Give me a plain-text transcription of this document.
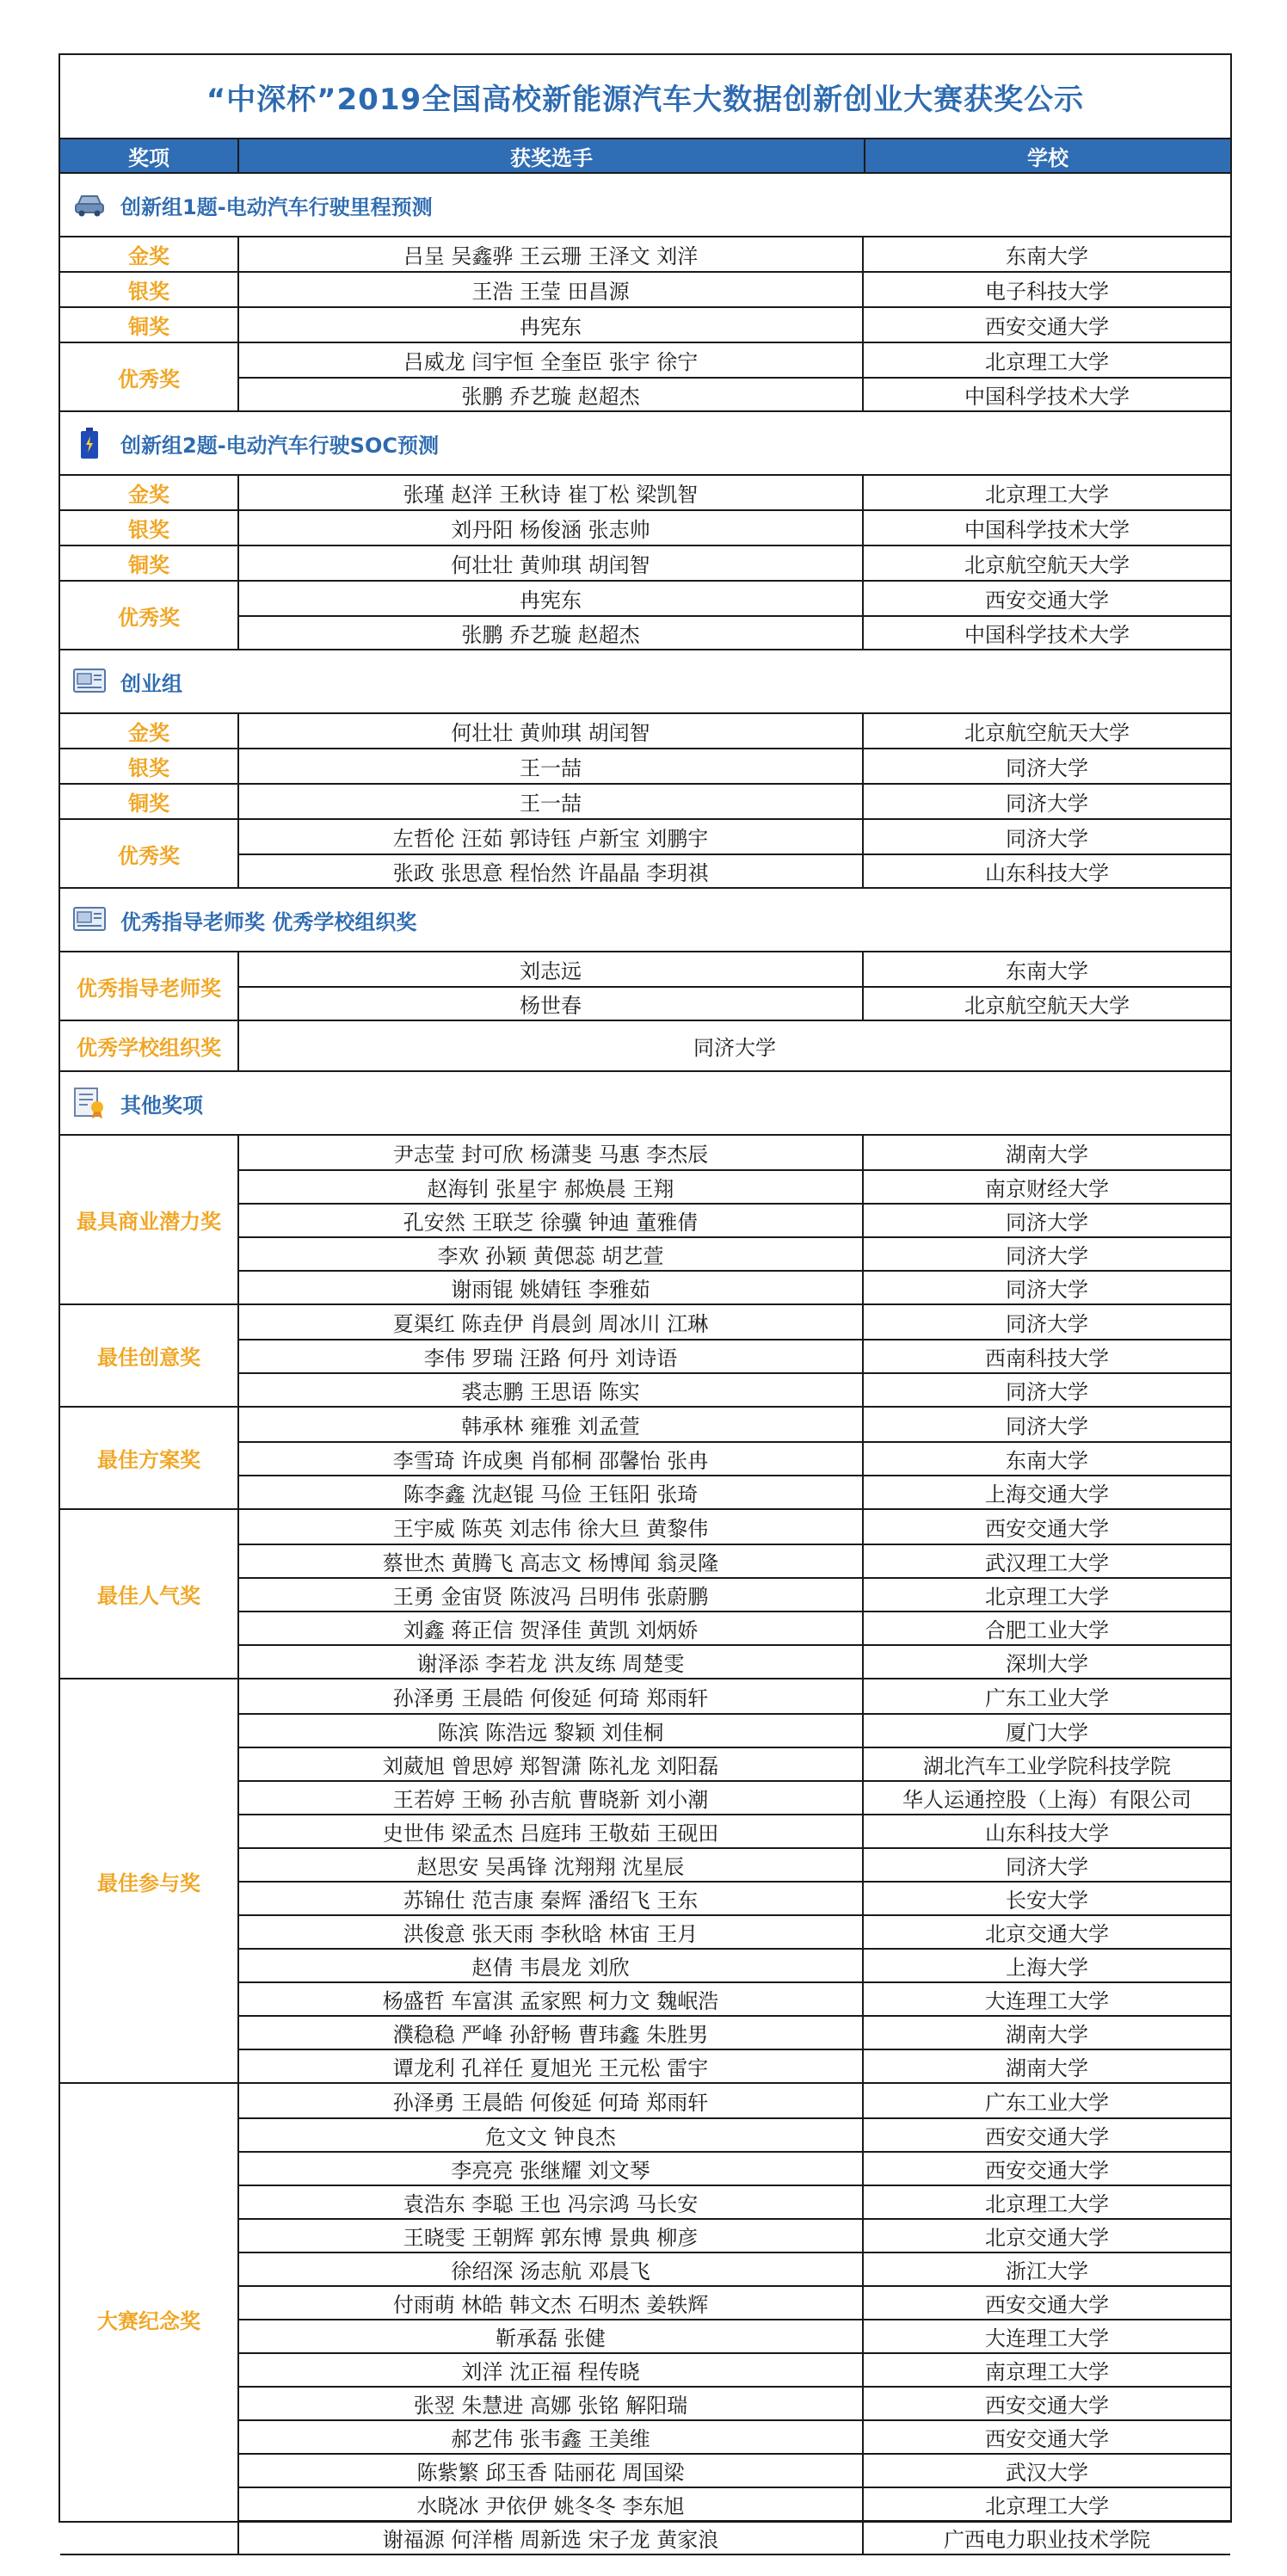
“中深杯”2019全国高校新能源汽车大数据创新创业大赛获奖公示
奖项	获奖选手	学校
创新组1题-电动汽车行驶里程预测
金奖	吕呈 吴鑫骅 王云珊 王泽文 刘洋	东南大学
银奖	王浩 王莹 田昌源	电子科技大学
铜奖	冉宪东	西安交通大学
优秀奖
吕威龙 闫宇恒 全奎臣 张宇 徐宁	北京理工大学
张鹏 乔艺璇 赵超杰	中国科学技术大学
创新组2题-电动汽车行驶SOC预测
金奖	张瑾 赵洋 王秋诗 崔丁松 梁凯智	北京理工大学
银奖	刘丹阳 杨俊涵 张志帅	中国科学技术大学
铜奖	何壮壮 黄帅琪 胡闰智	北京航空航天大学
优秀奖
冉宪东	西安交通大学
张鹏 乔艺璇 赵超杰	中国科学技术大学
创业组
金奖	何壮壮 黄帅琪 胡闰智	北京航空航天大学
银奖	王一喆	同济大学
铜奖	王一喆	同济大学
优秀奖
左哲伦 汪茹 郭诗钰 卢新宝 刘鹏宇	同济大学
张政 张思意 程怡然 许晶晶 李玥祺	山东科技大学
优秀指导老师奖 优秀学校组织奖
优秀指导老师奖
刘志远	东南大学
杨世春	北京航空航天大学
优秀学校组织奖	同济大学
其他奖项
最具商业潜力奖
尹志莹 封可欣 杨潇斐 马惠 李杰辰	湖南大学
赵海钊 张星宇 郝焕晨 王翔	南京财经大学
孔安然 王联芝 徐骥 钟迪 董雅倩	同济大学
李欢 孙颖 黄偲蕊 胡艺萱	同济大学
谢雨锟 姚婧钰 李雅茹	同济大学
最佳创意奖
夏渠红 陈垚伊 肖晨剑 周冰川 江琳	同济大学
李伟 罗瑞 汪路 何丹 刘诗语	西南科技大学
裘志鹏 王思语 陈实	同济大学
最佳方案奖
韩承林 雍雅 刘孟萱	同济大学
李雪琦 许成奥 肖郁桐 邵馨怡 张冉	东南大学
陈李鑫 沈赵锟 马俭 王钰阳 张琦	上海交通大学
最佳人气奖
王宇威 陈英 刘志伟 徐大旦 黄黎伟	西安交通大学
蔡世杰 黄腾飞 高志文 杨博闻 翁灵隆	武汉理工大学
王勇 金宙贤 陈波冯 吕明伟 张蔚鹏	北京理工大学
刘鑫 蒋正信 贺泽佳 黄凯 刘炳娇	合肥工业大学
谢泽添 李若龙 洪友练 周楚雯	深圳大学
最佳参与奖
孙泽勇 王晨皓 何俊延 何琦 郑雨轩	广东工业大学
陈滨 陈浩远 黎颖 刘佳桐	厦门大学
刘葳旭 曾思婷 郑智潇 陈礼龙 刘阳磊	湖北汽车工业学院科技学院
王若婷 王畅 孙吉航 曹晓新 刘小潮	华人运通控股（上海）有限公司
史世伟 梁孟杰 吕庭玮 王敬茹 王砚田	山东科技大学
赵思安 吴禹锋 沈翔翔 沈星辰	同济大学
苏锦仕 范吉康 秦辉 潘绍飞 王东	长安大学
洪俊意 张天雨 李秋晗 林宙 王月	北京交通大学
赵倩 韦晨龙 刘欣	上海大学
杨盛哲 车富淇 孟家熙 柯力文 魏岷浩	大连理工大学
濮稳稳 严峰 孙舒畅 曹玮鑫 朱胜男	湖南大学
谭龙利 孔祥任 夏旭光 王元松 雷宇	湖南大学
大赛纪念奖
孙泽勇 王晨皓 何俊延 何琦 郑雨轩	广东工业大学
危文文 钟良杰	西安交通大学
李亮亮 张继耀 刘文琴	西安交通大学
袁浩东 李聪 王也 冯宗鸿 马长安	北京理工大学
王晓雯 王朝辉 郭东博 景典 柳彦	北京交通大学
徐绍深 汤志航 邓晨飞	浙江大学
付雨萌 林皓 韩文杰 石明杰 姜轶辉	西安交通大学
靳承磊 张健	大连理工大学
刘洋 沈正福 程传晓	南京理工大学
张翌 朱慧进 高娜 张铭 解阳瑞	西安交通大学
郝艺伟 张韦鑫 王美维	西安交通大学
陈紫繁 邱玉香 陆丽花 周国梁	武汉大学
水晓冰 尹依伊 姚冬冬 李东旭	北京理工大学
谢福源 何洋楷 周新选 宋子龙 黄家浪	广西电力职业技术学院
